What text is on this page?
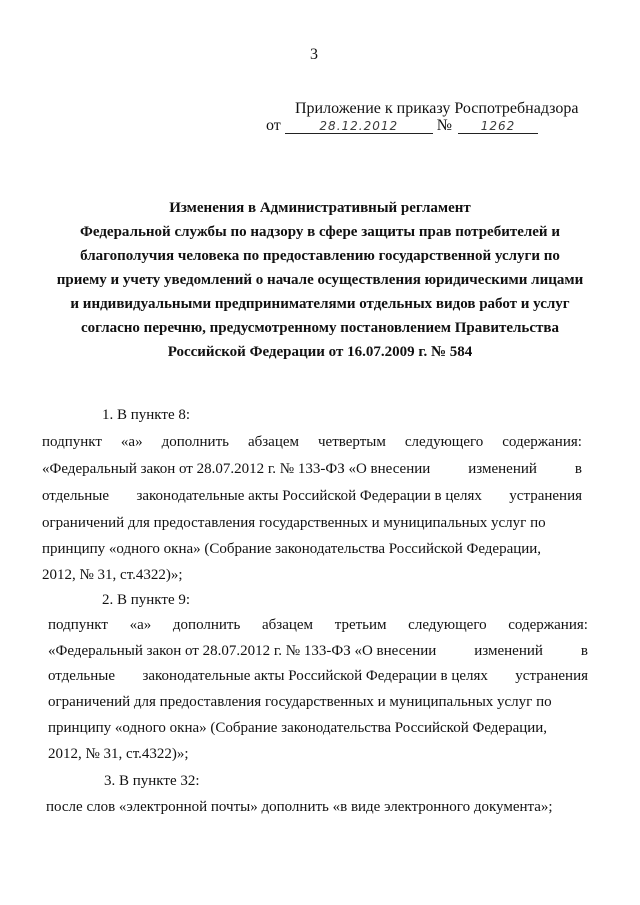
3
Приложение к приказу Роспотребнадзора
от	28.12.2012 № 1262
Изменения в Административный регламент
Федеральной службы по надзору в сфере защиты прав потребителей и
благополучия человека по предоставлению государственной услуги по
приему и учету уведомлений о начале осуществления юридическими лицами
и индивидуальными предпринимателями отдельных видов работ и услуг
согласно перечню, предусмотренному постановлением Правительства
Российской Федерации от 16.07.2009 г. № 584
1. В пункте 8:
подпункт «а» дополнить абзацем четвертым следующего содержания:
«Федеральный закон от 28.07.2012 г. № 133-ФЗ «О внесении	изменений	в
отдельные законодательные акты Российской Федерации в целях устранения
ограничений для предоставления государственных и муниципальных услуг по
принципу «одного окна» (Собрание законодательства Российской Федерации,
2012, № 31, ст.4322)»;
2. В пункте 9:
подпункт «а» дополнить абзацем третьим следующего содержания:
«Федеральный закон от 28.07.2012 г. № 133-ФЗ «О внесении	изменений	в
отдельные законодательные акты Российской Федерации в целях устранения
ограничений для предоставления государственных и муниципальных услуг по
принципу «одного окна» (Собрание законодательства Российской Федерации,
2012, № 31, ст.4322)»;
3. В пункте 32:
после слов «электронной почты» дополнить «в виде электронного документа»;
